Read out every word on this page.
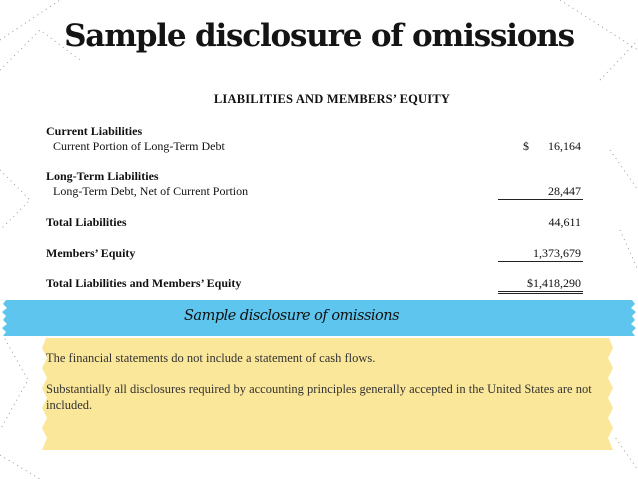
Sample disclosure of omissions
LIABILITIES AND MEMBERS’ EQUITY
Current Liabilities
Current Portion of Long-Term Debt	$	16,164
Long-Term Liabilities
Long-Term Debt, Net of Current Portion	28,447
Total Liabilities	44,611
Members’ Equity	1,373,679
Total Liabilities and Members’ Equity	$1,418,290
Sample disclosure of omissions
The financial statements do not include a statement of cash flows.
Substantially all disclosures required by accounting principles generally accepted in the United States are not included.
